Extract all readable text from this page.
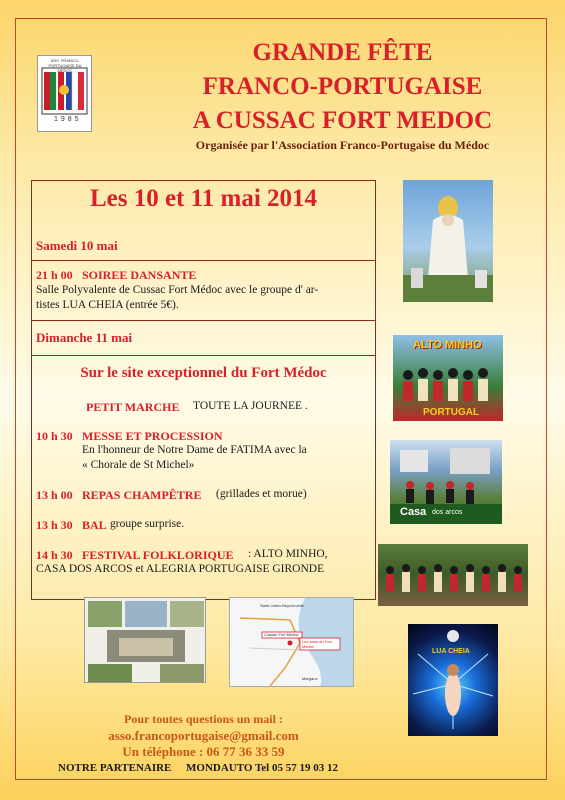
ASS. FRANCO-PORTUGAISE DU MEDOC
1985
GRANDE FÊTE
FRANCO-PORTUGAISE
A CUSSAC FORT MEDOC
Organisée par l'Association Franco-Portugaise du Médoc
Les 10 et 11 mai 2014
Samedi 10 mai
21 h 00 SOIREE DANSANTE
Salle Polyvalente de Cussac Fort Médoc avec le groupe d' ar-
tistes LUA CHEIA (entrée 5€).
Dimanche 11 mai
Sur le site exceptionnel du Fort Médoc
PETIT MARCHE TOUTE LA JOURNEE .
10 h 30 MESSE ET PROCESSION
En l'honneur de Notre Dame de FATIMA avec la
« Chorale de St Michel»
13 h 00 REPAS CHAMPÊTRE (grillades et morue)
13 h 30 BAL groupe surprise.
14 h 30 FESTIVAL FOLKLORIQUE : ALTO MINHO,
CASA DOS ARCOS et ALEGRIA PORTUGAISE GIRONDE
ALTO MINHO
PORTUGAL
Casa dos arcos
Saint-Julien-Beychevelle
Cussac Fort Médoc
Les amis du Fort Médoc
Margaux
LUA CHEIA
Pour toutes questions un mail :
asso.francoportugaise@gmail.com
Un téléphone : 06 77 36 33 59
NOTRE PARTENAIRE MONDAUTO Tel 05 57 19 03 12
